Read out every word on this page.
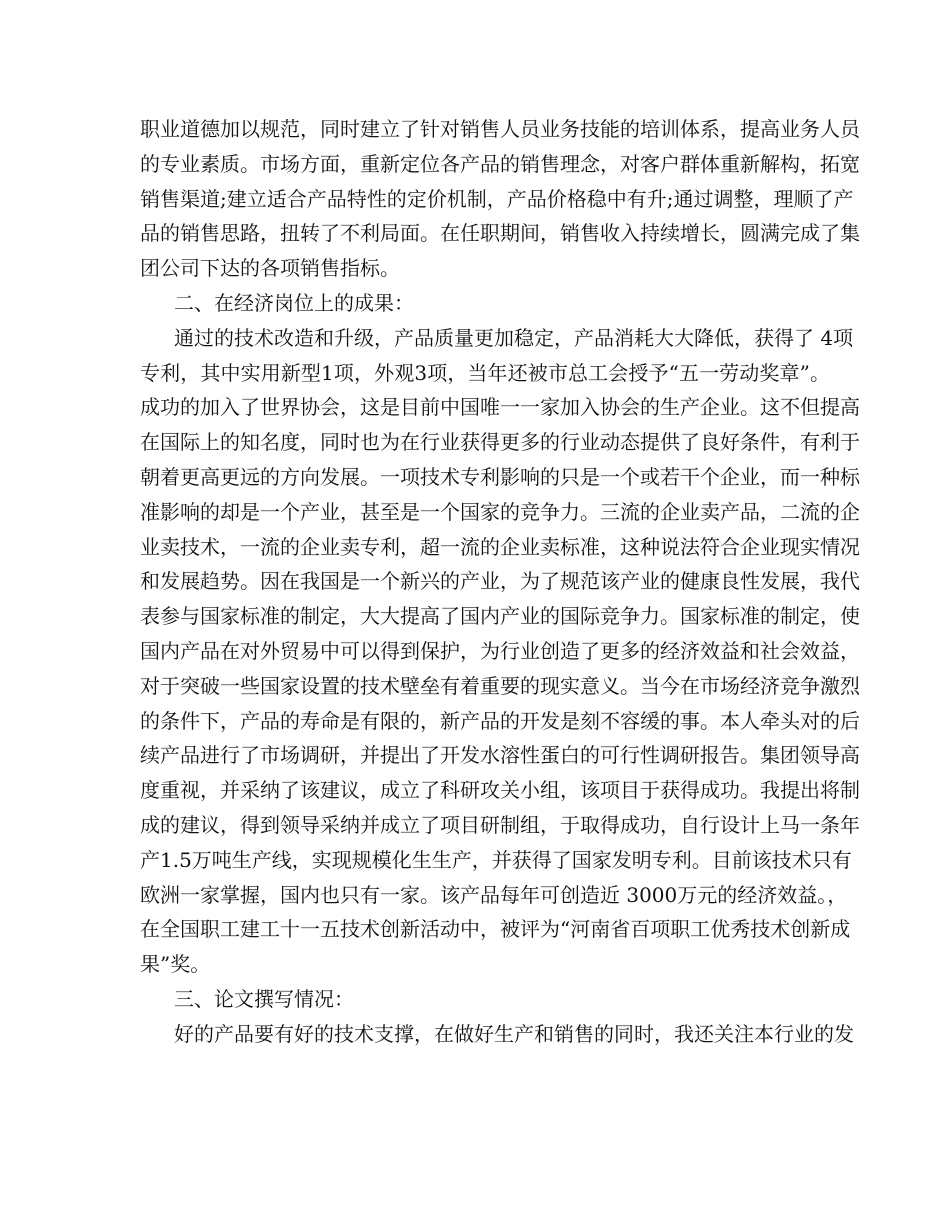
职业道德加以规范，同时建立了针对销售人员业务技能的培训体系，提高业务人员
的专业素质。市场方面，重新定位各产品的销售理念，对客户群体重新解构，拓宽
销售渠道;建立适合产品特性的定价机制，产品价格稳中有升;通过调整，理顺了产
品的销售思路，扭转了不利局面。在任职期间，销售收入持续增长，圆满完成了集
团公司下达的各项销售指标。
二、在经济岗位上的成果：
通过的技术改造和升级，产品质量更加稳定，产品消耗大大降低，获得了 4项
专利，其中实用新型1项，外观3项，当年还被市总工会授予“五一劳动奖章”。
成功的加入了世界协会，这是目前中国唯一一家加入协会的生产企业。这不但提高
在国际上的知名度，同时也为在行业获得更多的行业动态提供了良好条件，有利于
朝着更高更远的方向发展。一项技术专利影响的只是一个或若干个企业，而一种标
准影响的却是一个产业，甚至是一个国家的竞争力。三流的企业卖产品，二流的企
业卖技术，一流的企业卖专利，超一流的企业卖标准，这种说法符合企业现实情况
和发展趋势。因在我国是一个新兴的产业，为了规范该产业的健康良性发展，我代
表参与国家标准的制定，大大提高了国内产业的国际竞争力。国家标准的制定，使
国内产品在对外贸易中可以得到保护，为行业创造了更多的经济效益和社会效益，
对于突破一些国家设置的技术壁垒有着重要的现实意义。当今在市场经济竞争激烈
的条件下，产品的寿命是有限的，新产品的开发是刻不容缓的事。本人牵头对的后
续产品进行了市场调研，并提出了开发水溶性蛋白的可行性调研报告。集团领导高
度重视，并采纳了该建议，成立了科研攻关小组，该项目于获得成功。我提出将制
成的建议，得到领导采纳并成立了项目研制组，于取得成功，自行设计上马一条年
产1.5万吨生产线，实现规模化生生产，并获得了国家发明专利。目前该技术只有
欧洲一家掌握，国内也只有一家。该产品每年可创造近 3000万元的经济效益。，
在全国职工建工十一五技术创新活动中，被评为“河南省百项职工优秀技术创新成
果”奖。
三、论文撰写情况：
好的产品要有好的技术支撑，在做好生产和销售的同时，我还关注本行业的发
